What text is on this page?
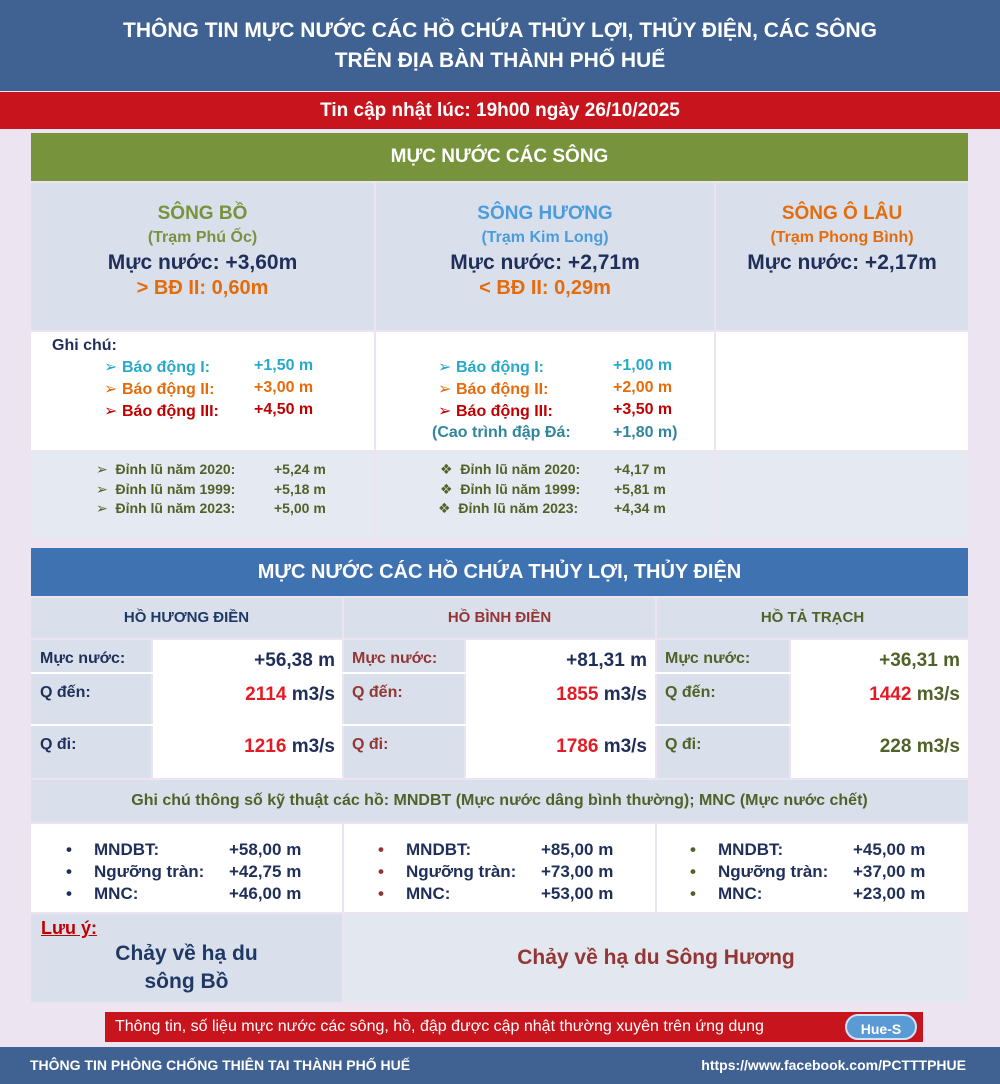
THÔNG TIN MỰC NƯỚC CÁC HỒ CHỨA THỦY LỢI, THỦY ĐIỆN, CÁC SÔNG
TRÊN ĐỊA BÀN THÀNH PHỐ HUẾ
Tin cập nhật lúc: 19h00 ngày 26/10/2025
MỰC NƯỚC CÁC SÔNG
SÔNG BỒ
(Trạm Phú Ốc)
Mực nước: +3,60m
> BĐ II: 0,60m
SÔNG HƯƠNG
(Trạm Kim Long)
Mực nước: +2,71m
< BĐ II: 0,29m
SÔNG Ô LÂU
(Trạm Phong Bình)
Mực nước: +2,17m
Ghi chú:
➢ Báo động I:	+1,50 m
➢ Báo động II: +3,00 m
➢ Báo động III: +4,50 m
➢ Báo động I:	+1,00 m
➢ Báo động II:	+2,00 m
➢ Báo động III:	+3,50 m
(Cao trình đập Đá:	+1,80 m)
➢ Đỉnh lũ năm 2020:	+5,24 m
➢ Đỉnh lũ năm 1999:	+5,18 m
➢ Đỉnh lũ năm 2023:	+5,00 m
❖ Đỉnh lũ năm 2020: +4,17 m
❖ Đỉnh lũ năm 1999: +5,81 m
❖ Đỉnh lũ năm 2023:	+4,34 m
MỰC NƯỚC CÁC HỒ CHỨA THỦY LỢI, THỦY ĐIỆN
HỒ HƯƠNG ĐIỀN	HỒ BÌNH ĐIỀN	HỒ TẢ TRẠCH
Mực nước:	+56,38 m
Q đến:	2114 m3/s
Q đi:	1216 m3/s
Mực nước:	+81,31 m
Q đến:	1855 m3/s
Q đi:	1786 m3/s
Mực nước:	+36,31 m
Q đến:	1442 m3/s
Q đi:	228 m3/s
Ghi chú thông số kỹ thuật các hồ: MNDBT (Mực nước dâng bình thường); MNC (Mực nước chết)
• MNDBT:	+58,00 m
• Ngưỡng tràn: +42,75 m
• MNC:	+46,00 m
• MNDBT:	+85,00 m
• Ngưỡng tràn: +73,00 m
• MNC:	+53,00 m
• MNDBT:	+45,00 m
• Ngưỡng tràn: +37,00 m
• MNC:	+23,00 m
Lưu ý:
Chảy về hạ du
sông Bồ
Chảy về hạ du Sông Hương
Thông tin, số liệu mực nước các sông, hồ, đập được cập nhật thường xuyên trên ứng dụng	Hue-S
THÔNG TIN PHÒNG CHỐNG THIÊN TAI THÀNH PHỐ HUẾ	https://www.facebook.com/PCTTTPHUE
